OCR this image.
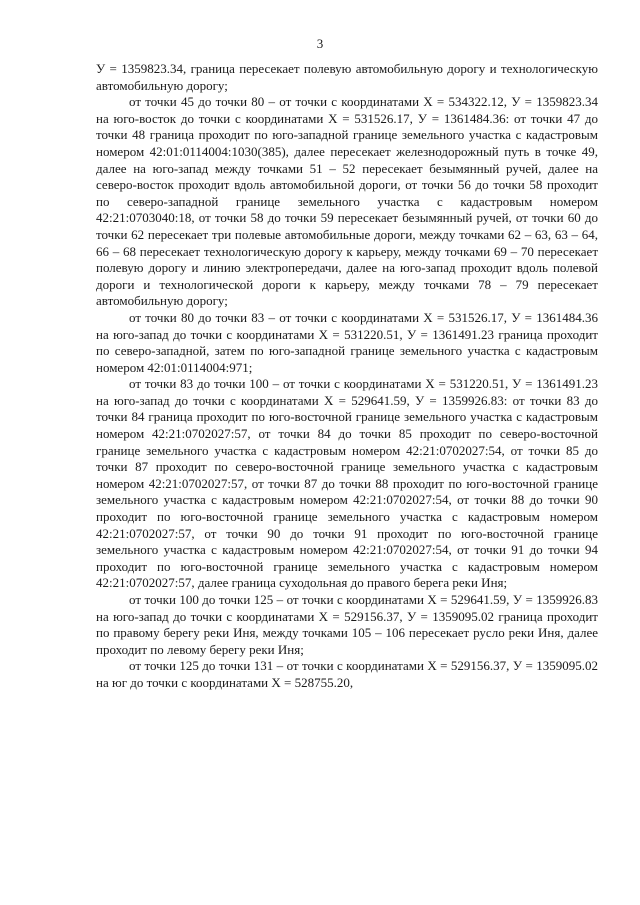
3

У = 1359823.34, граница пересекает полевую автомобильную дорогу и технологическую автомобильную дорогу;

от точки 45 до точки 80 – от точки с координатами Х = 534322.12, У = 1359823.34 на юго-восток до точки с координатами Х = 531526.17, У = 1361484.36: от точки 47 до точки 48 граница проходит по юго-западной границе земельного участка с кадастровым номером 42:01:0114004:1030(385), далее пересекает железнодорожный путь в точке 49, далее на юго-запад между точками 51 – 52 пересекает безымянный ручей, далее на северо-восток проходит вдоль автомобильной дороги, от точки 56 до точки 58 проходит по северо-западной границе земельного участка с кадастровым номером 42:21:0703040:18, от точки 58 до точки 59 пересекает безымянный ручей, от точки 60 до точки 62 пересекает три полевые автомобильные дороги, между точками 62 – 63, 63 – 64, 66 – 68 пересекает технологическую дорогу к карьеру, между точками 69 – 70 пересекает полевую дорогу и линию электропередачи, далее на юго-запад проходит вдоль полевой дороги и технологической дороги к карьеру, между точками 78 – 79 пересекает автомобильную дорогу;

от точки 80 до точки 83 – от точки с координатами Х = 531526.17, У = 1361484.36 на юго-запад до точки с координатами Х = 531220.51, У = 1361491.23 граница проходит по северо-западной, затем по юго-западной границе земельного участка с кадастровым номером 42:01:0114004:971;

от точки 83 до точки 100 – от точки с координатами Х = 531220.51, У = 1361491.23 на юго-запад до точки с координатами Х = 529641.59, У = 1359926.83: от точки 83 до точки 84 граница проходит по юго-восточной границе земельного участка с кадастровым номером 42:21:0702027:57, от точки 84 до точки 85 проходит по северо-восточной границе земельного участка с кадастровым номером 42:21:0702027:54, от точки 85 до точки 87 проходит по северо-восточной границе земельного участка с кадастровым номером 42:21:0702027:57, от точки 87 до точки 88 проходит по юго-восточной границе земельного участка с кадастровым номером 42:21:0702027:54, от точки 88 до точки 90 проходит по юго-восточной границе земельного участка с кадастровым номером 42:21:0702027:57, от точки 90 до точки 91 проходит по юго-восточной границе земельного участка с кадастровым номером 42:21:0702027:54, от точки 91 до точки 94 проходит по юго-восточной границе земельного участка с кадастровым номером 42:21:0702027:57, далее граница суходольная до правого берега реки Иня;

от точки 100 до точки 125 – от точки с координатами Х = 529641.59, У = 1359926.83 на юго-запад до точки с координатами Х = 529156.37, У = 1359095.02 граница проходит по правому берегу реки Иня, между точками 105 – 106 пересекает русло реки Иня, далее проходит по левому берегу реки Иня;

от точки 125 до точки 131 – от точки с координатами Х = 529156.37, У = 1359095.02 на юг до точки с координатами Х = 528755.20,
